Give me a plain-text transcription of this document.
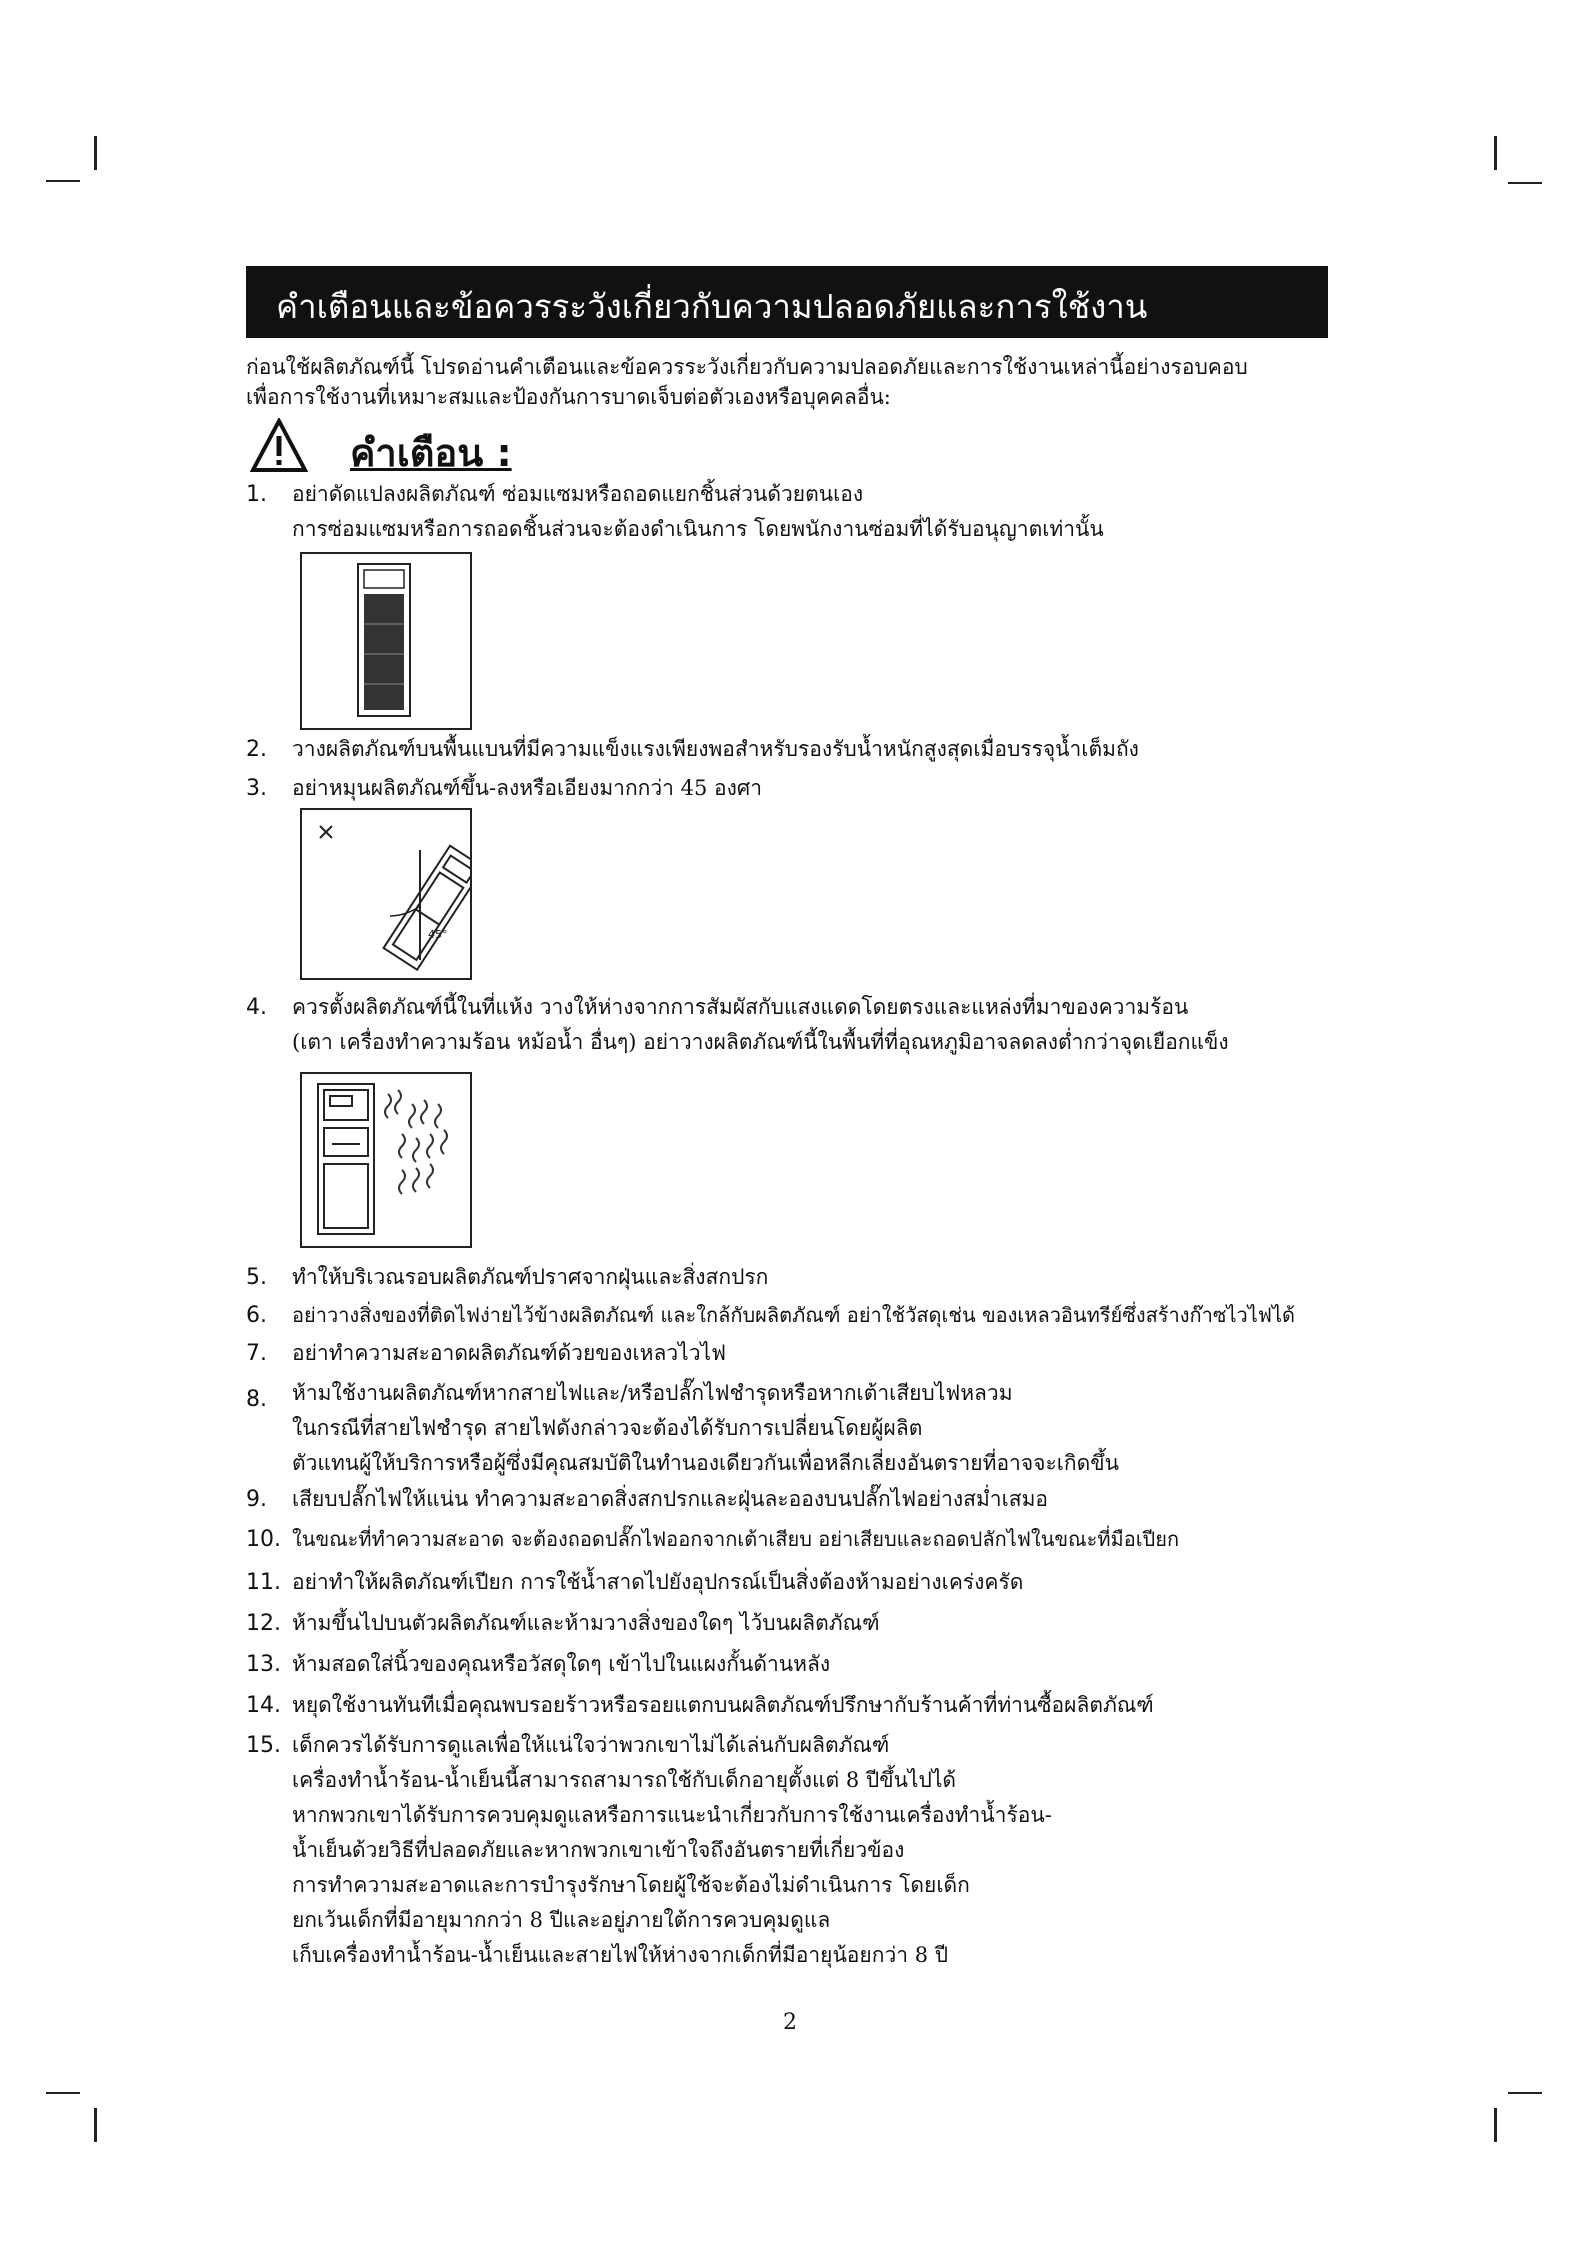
คำเตือนและข้อควรระวังเกี่ยวกับความปลอดภัยและการใช้งาน
ก่อนใช้ผลิตภัณฑ์นี้ โปรดอ่านคำเตือนและข้อควรระวังเกี่ยวกับความปลอดภัยและการใช้งานเหล่านี้อย่างรอบคอบ
เพื่อการใช้งานที่เหมาะสมและป้องกันการบาดเจ็บต่อตัวเองหรือบุคคลอื่น:
คำเตือน :
1. อย่าดัดแปลงผลิตภัณฑ์ ซ่อมแซมหรือถอดแยกชิ้นส่วนด้วยตนเอง
การซ่อมแซมหรือการถอดชิ้นส่วนจะต้องดำเนินการ โดยพนักงานซ่อมที่ได้รับอนุญาตเท่านั้น
2. วางผลิตภัณฑ์บนพื้นแบนที่มีความแข็งแรงเพียงพอสำหรับรองรับน้ำหนักสูงสุดเมื่อบรรจุน้ำเต็มถัง
3. อย่าหมุนผลิตภัณฑ์ขึ้น-ลงหรือเอียงมากกว่า 45 องศา
45°
4. ควรตั้งผลิตภัณฑ์นี้ในที่แห้ง วางให้ห่างจากการสัมผัสกับแสงแดดโดยตรงและแหล่งที่มาของความร้อน
(เตา เครื่องทำความร้อน หม้อน้ำ อื่นๆ) อย่าวางผลิตภัณฑ์นี้ในพื้นที่ที่อุณหภูมิอาจลดลงต่ำกว่าจุดเยือกแข็ง
5. ทำให้บริเวณรอบผลิตภัณฑ์ปราศจากฝุ่นและสิ่งสกปรก
6. อย่าวางสิ่งของที่ติดไฟง่ายไว้ข้างผลิตภัณฑ์ และใกล้กับผลิตภัณฑ์ อย่าใช้วัสดุเช่น ของเหลวอินทรีย์ซึ่งสร้างก๊าซไวไฟได้
7. อย่าทำความสะอาดผลิตภัณฑ์ด้วยของเหลวไวไฟ
8. ห้ามใช้งานผลิตภัณฑ์หากสายไฟและ/หรือปลั๊กไฟชำรุดหรือหากเต้าเสียบไฟหลวม
ในกรณีที่สายไฟชำรุด สายไฟดังกล่าวจะต้องได้รับการเปลี่ยนโดยผู้ผลิต
ตัวแทนผู้ให้บริการหรือผู้ซึ่งมีคุณสมบัติในทำนองเดียวกันเพื่อหลีกเลี่ยงอันตรายที่อาจจะเกิดขึ้น
9. เสียบปลั๊กไฟให้แน่น ทำความสะอาดสิ่งสกปรกและฝุ่นละอองบนปลั๊กไฟอย่างสม่ำเสมอ
10. ในขณะที่ทำความสะอาด จะต้องถอดปลั๊กไฟออกจากเต้าเสียบ อย่าเสียบและถอดปลักไฟในขณะที่มือเปียก
11. อย่าทำให้ผลิตภัณฑ์เปียก การใช้น้ำสาดไปยังอุปกรณ์เป็นสิ่งต้องห้ามอย่างเคร่งครัด
12. ห้ามขึ้นไปบนตัวผลิตภัณฑ์และห้ามวางสิ่งของใดๆ ไว้บนผลิตภัณฑ์
13. ห้ามสอดใส่นิ้วของคุณหรือวัสดุใดๆ เข้าไปในแผงกั้นด้านหลัง
14. หยุดใช้งานทันทีเมื่อคุณพบรอยร้าวหรือรอยแตกบนผลิตภัณฑ์ปรึกษากับร้านค้าที่ท่านซื้อผลิตภัณฑ์
15. เด็กควรได้รับการดูแลเพื่อให้แน่ใจว่าพวกเขาไม่ได้เล่นกับผลิตภัณฑ์
เครื่องทำน้ำร้อน-น้ำเย็นนี้สามารถสามารถใช้กับเด็กอายุตั้งแต่ 8 ปีขึ้นไปได้
หากพวกเขาได้รับการควบคุมดูแลหรือการแนะนำเกี่ยวกับการใช้งานเครื่องทำน้ำร้อน-
น้ำเย็นด้วยวิธีที่ปลอดภัยและหากพวกเขาเข้าใจถึงอันตรายที่เกี่ยวข้อง
การทำความสะอาดและการบำรุงรักษาโดยผู้ใช้จะต้องไม่ดำเนินการ โดยเด็ก
ยกเว้นเด็กที่มีอายุมากกว่า 8 ปีและอยู่ภายใต้การควบคุมดูแล
เก็บเครื่องทำน้ำร้อน-น้ำเย็นและสายไฟให้ห่างจากเด็กที่มีอายุน้อยกว่า 8 ปี
2
